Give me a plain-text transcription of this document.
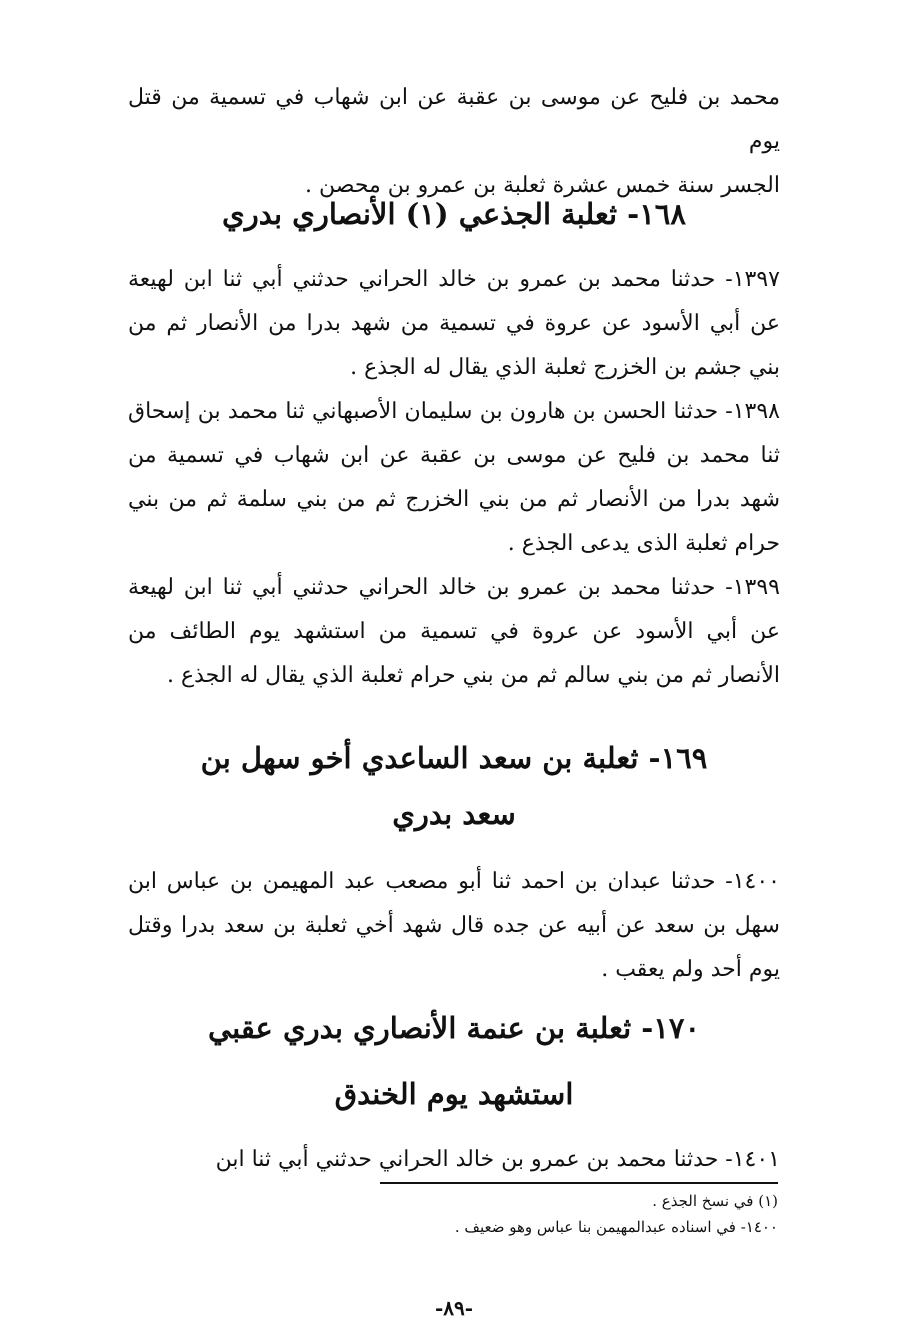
محمد بن فليح عن موسى بن عقبة عن ابن شهاب في تسمية من قتل يوم

الجسر سنة خمس عشرة ثعلبة بن عمرو بن محصن .

١٦٨- ثعلبة الجذعي (١) الأنصاري بدري

١٣٩٧- حدثنا محمد بن عمرو بن خالد الحراني حدثني أبي ثنا ابن لهيعة عن أبي الأسود عن عروة في تسمية من شهد بدرا من الأنصار ثم من بني جشم بن الخزرج ثعلبة الذي يقال له الجذع .

١٣٩٨- حدثنا الحسن بن هارون بن سليمان الأصبهاني ثنا محمد بن إسحاق ثنا محمد بن فليح عن موسى بن عقبة عن ابن شهاب في تسمية من شهد بدرا من الأنصار ثم من بني الخزرج ثم من بني سلمة ثم من بني حرام ثعلبة الذى يدعى الجذع .

١٣٩٩- حدثنا محمد بن عمرو بن خالد الحراني حدثني أبي ثنا ابن لهيعة عن أبي الأسود عن عروة في تسمية من استشهد يوم الطائف من الأنصار ثم من بني سالم ثم من بني حرام ثعلبة الذي يقال له الجذع .

١٦٩- ثعلبة بن سعد الساعدي أخو سهل بن
سعد بدري

١٤٠٠- حدثنا عبدان بن احمد ثنا أبو مصعب عبد المهيمن بن عباس ابن سهل بن سعد عن أبيه عن جده قال شهد أخي ثعلبة بن سعد بدرا وقتل يوم أحد ولم يعقب .

١٧٠- ثعلبة بن عنمة الأنصاري بدري عقبي
استشهد يوم الخندق

١٤٠١- حدثنا محمد بن عمرو بن خالد الحراني حدثني أبي ثنا ابن

(١) في نسخ الجذع .

١٤٠٠- في اسناده عبدالمهيمن بنا عباس وهو ضعيف .

-٨٩-
